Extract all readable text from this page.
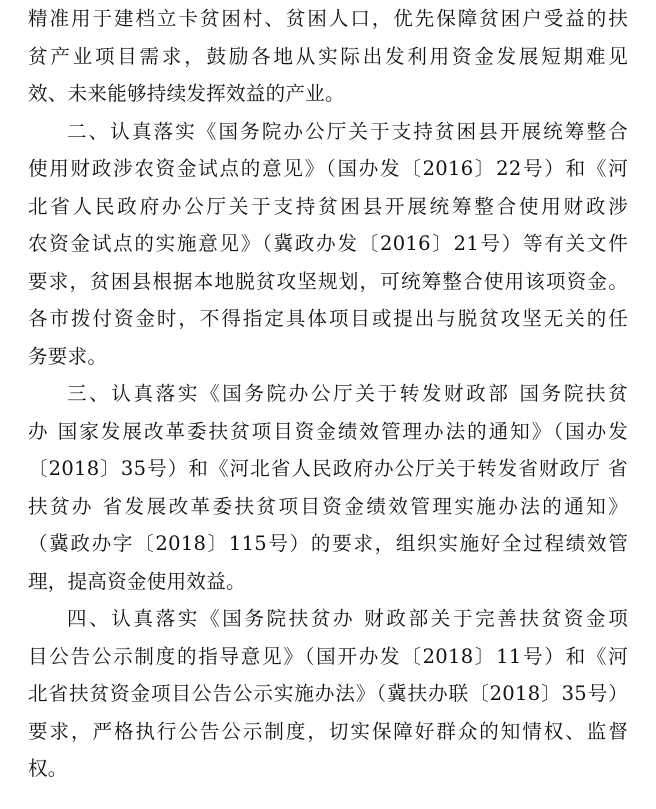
精准用于建档立卡贫困村、贫困人口，优先保障贫困户受益的扶
贫产业项目需求，鼓励各地从实际出发利用资金发展短期难见
效、未来能够持续发挥效益的产业。
二、认真落实《国务院办公厅关于支持贫困县开展统筹整合
使用财政涉农资金试点的意见》（国办发〔2016〕22号）和《河
北省人民政府办公厅关于支持贫困县开展统筹整合使用财政涉
农资金试点的实施意见》（冀政办发〔2016〕21号）等有关文件
要求，贫困县根据本地脱贫攻坚规划，可统筹整合使用该项资金。
各市拨付资金时，不得指定具体项目或提出与脱贫攻坚无关的任
务要求。
三、认真落实《国务院办公厅关于转发财政部 国务院扶贫
办 国家发展改革委扶贫项目资金绩效管理办法的通知》（国办发
〔2018〕35号）和《河北省人民政府办公厅关于转发省财政厅 省
扶贫办 省发展改革委扶贫项目资金绩效管理实施办法的通知》
（冀政办字〔2018〕115号）的要求，组织实施好全过程绩效管
理，提高资金使用效益。
四、认真落实《国务院扶贫办 财政部关于完善扶贫资金项
目公告公示制度的指导意见》（国开办发〔2018〕11号）和《河
北省扶贫资金项目公告公示实施办法》（冀扶办联〔2018〕35号）
要求，严格执行公告公示制度，切实保障好群众的知情权、监督
权。
